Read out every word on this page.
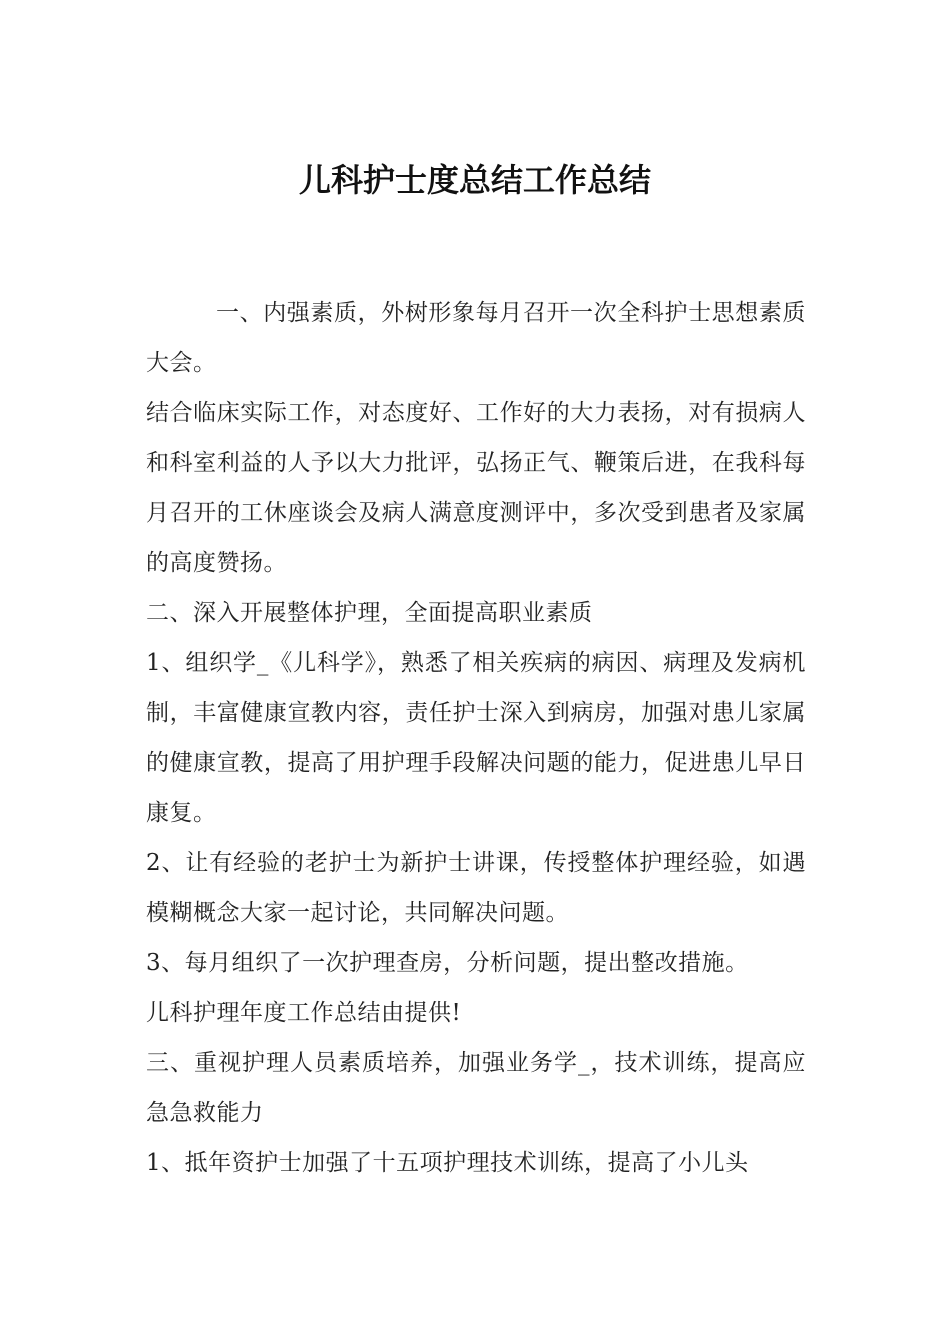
儿科护士度总结工作总结

一、内强素质，外树形象每月召开一次全科护士思想素质大会。

结合临床实际工作，对态度好、工作好的大力表扬，对有损病人和科室利益的人予以大力批评，弘扬正气、鞭策后进，在我科每月召开的工休座谈会及病人满意度测评中，多次受到患者及家属的高度赞扬。

二、深入开展整体护理，全面提高职业素质

1、组织学_《儿科学》，熟悉了相关疾病的病因、病理及发病机制，丰富健康宣教内容，责任护士深入到病房，加强对患儿家属的健康宣教，提高了用护理手段解决问题的能力，促进患儿早日康复。

2、让有经验的老护士为新护士讲课，传授整体护理经验，如遇模糊概念大家一起讨论，共同解决问题。

3、每月组织了一次护理查房，分析问题，提出整改措施。

儿科护理年度工作总结由提供!

三、重视护理人员素质培养，加强业务学_，技术训练，提高应急急救能力

1、抵年资护士加强了十五项护理技术训练，提高了小儿头
